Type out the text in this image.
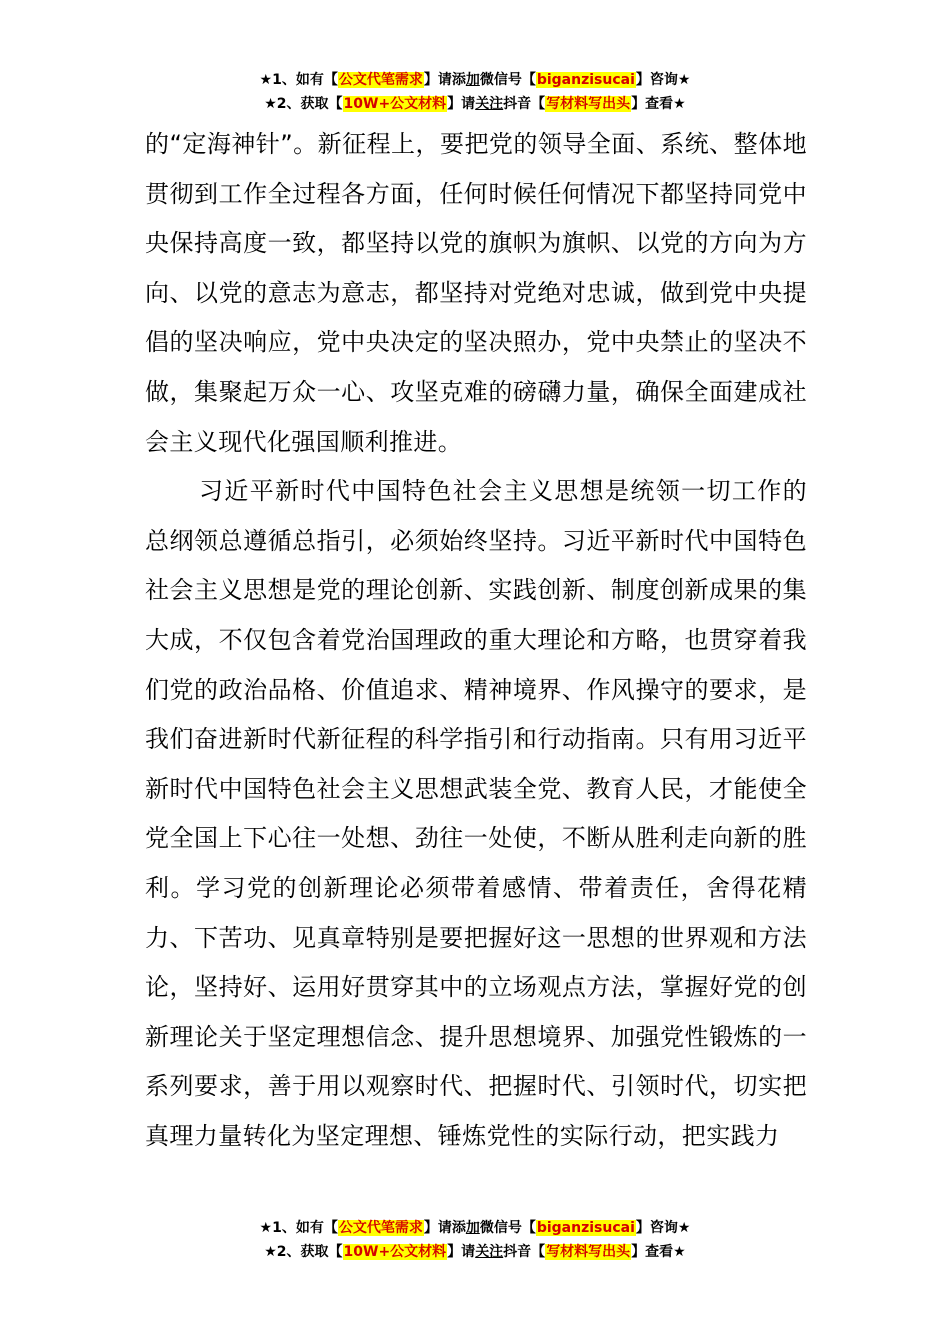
★1、如有【公文代笔需求】请添加微信号【biganzisucai】咨询★
★2、获取【10W+公文材料】请关注抖音【写材料写出头】查看★

的“定海神针”。新征程上，要把党的领导全面、系统、整体地贯彻到工作全过程各方面，任何时候任何情况下都坚持同党中央保持高度一致，都坚持以党的旗帜为旗帜、以党的方向为方向、以党的意志为意志，都坚持对党绝对忠诚，做到党中央提倡的坚决响应，党中央决定的坚决照办，党中央禁止的坚决不做，集聚起万众一心、攻坚克难的磅礴力量，确保全面建成社会主义现代化强国顺利推进。

习近平新时代中国特色社会主义思想是统领一切工作的总纲领总遵循总指引，必须始终坚持。习近平新时代中国特色社会主义思想是党的理论创新、实践创新、制度创新成果的集大成，不仅包含着党治国理政的重大理论和方略，也贯穿着我们党的政治品格、价值追求、精神境界、作风操守的要求，是我们奋进新时代新征程的科学指引和行动指南。只有用习近平新时代中国特色社会主义思想武装全党、教育人民，才能使全党全国上下心往一处想、劲往一处使，不断从胜利走向新的胜利。学习党的创新理论必须带着感情、带着责任，舍得花精力、下苦功、见真章特别是要把握好这一思想的世界观和方法论，坚持好、运用好贯穿其中的立场观点方法，掌握好党的创新理论关于坚定理想信念、提升思想境界、加强党性锻炼的一系列要求，善于用以观察时代、把握时代、引领时代，切实把真理力量转化为坚定理想、锤炼党性的实际行动，把实践力

★1、如有【公文代笔需求】请添加微信号【biganzisucai】咨询★
★2、获取【10W+公文材料】请关注抖音【写材料写出头】查看★
